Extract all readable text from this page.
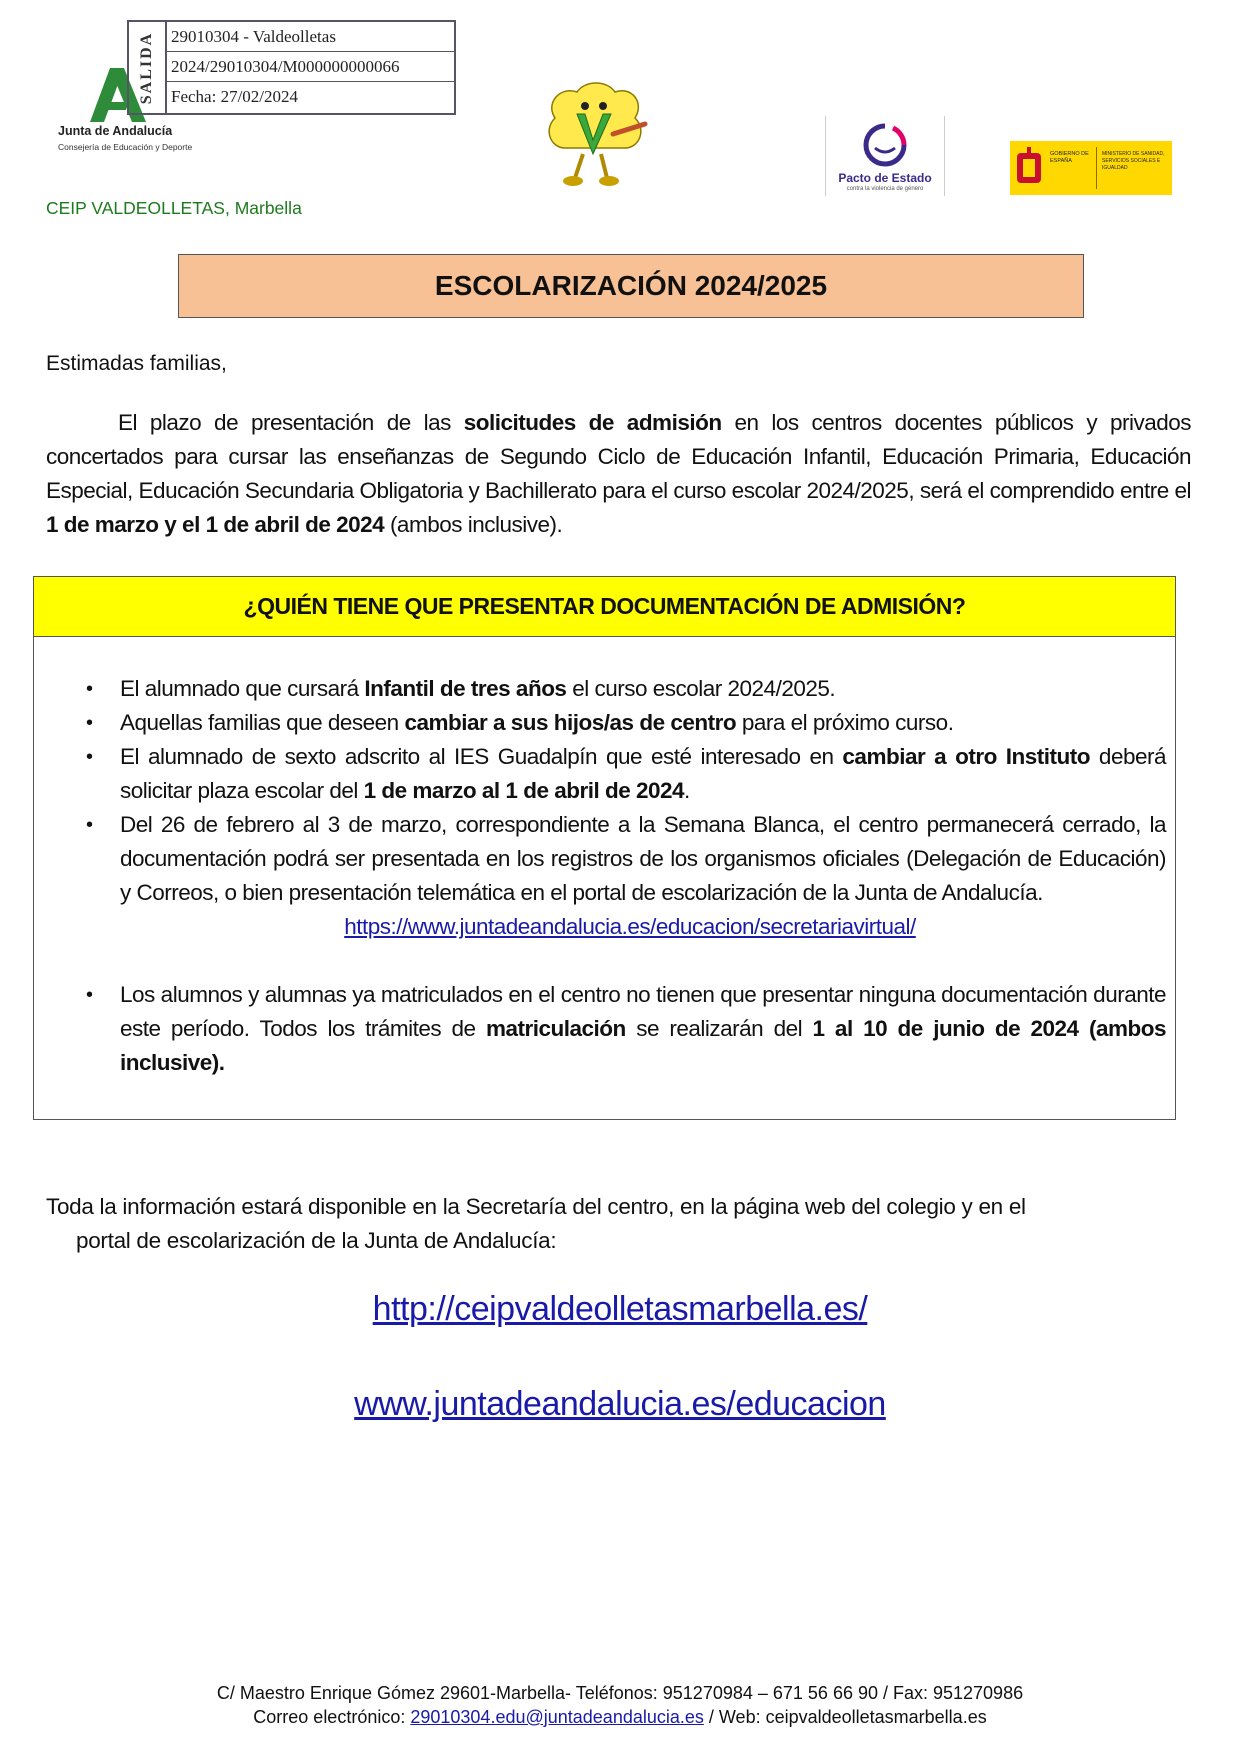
SALIDA 29010304 - Valdeolletas
2024/29010304/M000000000066
Fecha: 27/02/2024
Junta de Andalucía
Consejería de Educación y Deporte
Pacto de Estado
contra la violencia de género
GOBIERNO DE ESPAÑA
MINISTERIO DE SANIDAD, SERVICIOS SOCIALES E IGUALDAD
CEIP VALDEOLLETAS, Marbella
ESCOLARIZACIÓN 2024/2025
Estimadas familias,
El plazo de presentación de las solicitudes de admisión en los centros docentes públicos y privados concertados para cursar las enseñanzas de Segundo Ciclo de Educación Infantil, Educación Primaria, Educación Especial, Educación Secundaria Obligatoria y Bachillerato para el curso escolar 2024/2025, será el comprendido entre el 1 de marzo y el 1 de abril de 2024 (ambos inclusive).
¿QUIÉN TIENE QUE PRESENTAR DOCUMENTACIÓN DE ADMISIÓN?
• El alumnado que cursará Infantil de tres años el curso escolar 2024/2025.
• Aquellas familias que deseen cambiar a sus hijos/as de centro para el próximo curso.
• El alumnado de sexto adscrito al IES Guadalpín que esté interesado en cambiar a otro Instituto deberá solicitar plaza escolar del 1 de marzo al 1 de abril de 2024.
• Del 26 de febrero al 3 de marzo, correspondiente a la Semana Blanca, el centro permanecerá cerrado, la documentación podrá ser presentada en los registros de los organismos oficiales (Delegación de Educación) y Correos, o bien presentación telemática en el portal de escolarización de la Junta de Andalucía.
https://www.juntadeandalucia.es/educacion/secretariavirtual/
• Los alumnos y alumnas ya matriculados en el centro no tienen que presentar ninguna documentación durante este período. Todos los trámites de matriculación se realizarán del 1 al 10 de junio de 2024 (ambos inclusive).
Toda la información estará disponible en la Secretaría del centro, en la página web del colegio y en el
portal de escolarización de la Junta de Andalucía:
http://ceipvaldeolletasmarbella.es/
www.juntadeandalucia.es/educacion
C/ Maestro Enrique Gómez 29601-Marbella- Teléfonos: 951270984 – 671 56 66 90 / Fax: 951270986
Correo electrónico: 29010304.edu@juntadeandalucia.es / Web: ceipvaldeolletasmarbella.es
